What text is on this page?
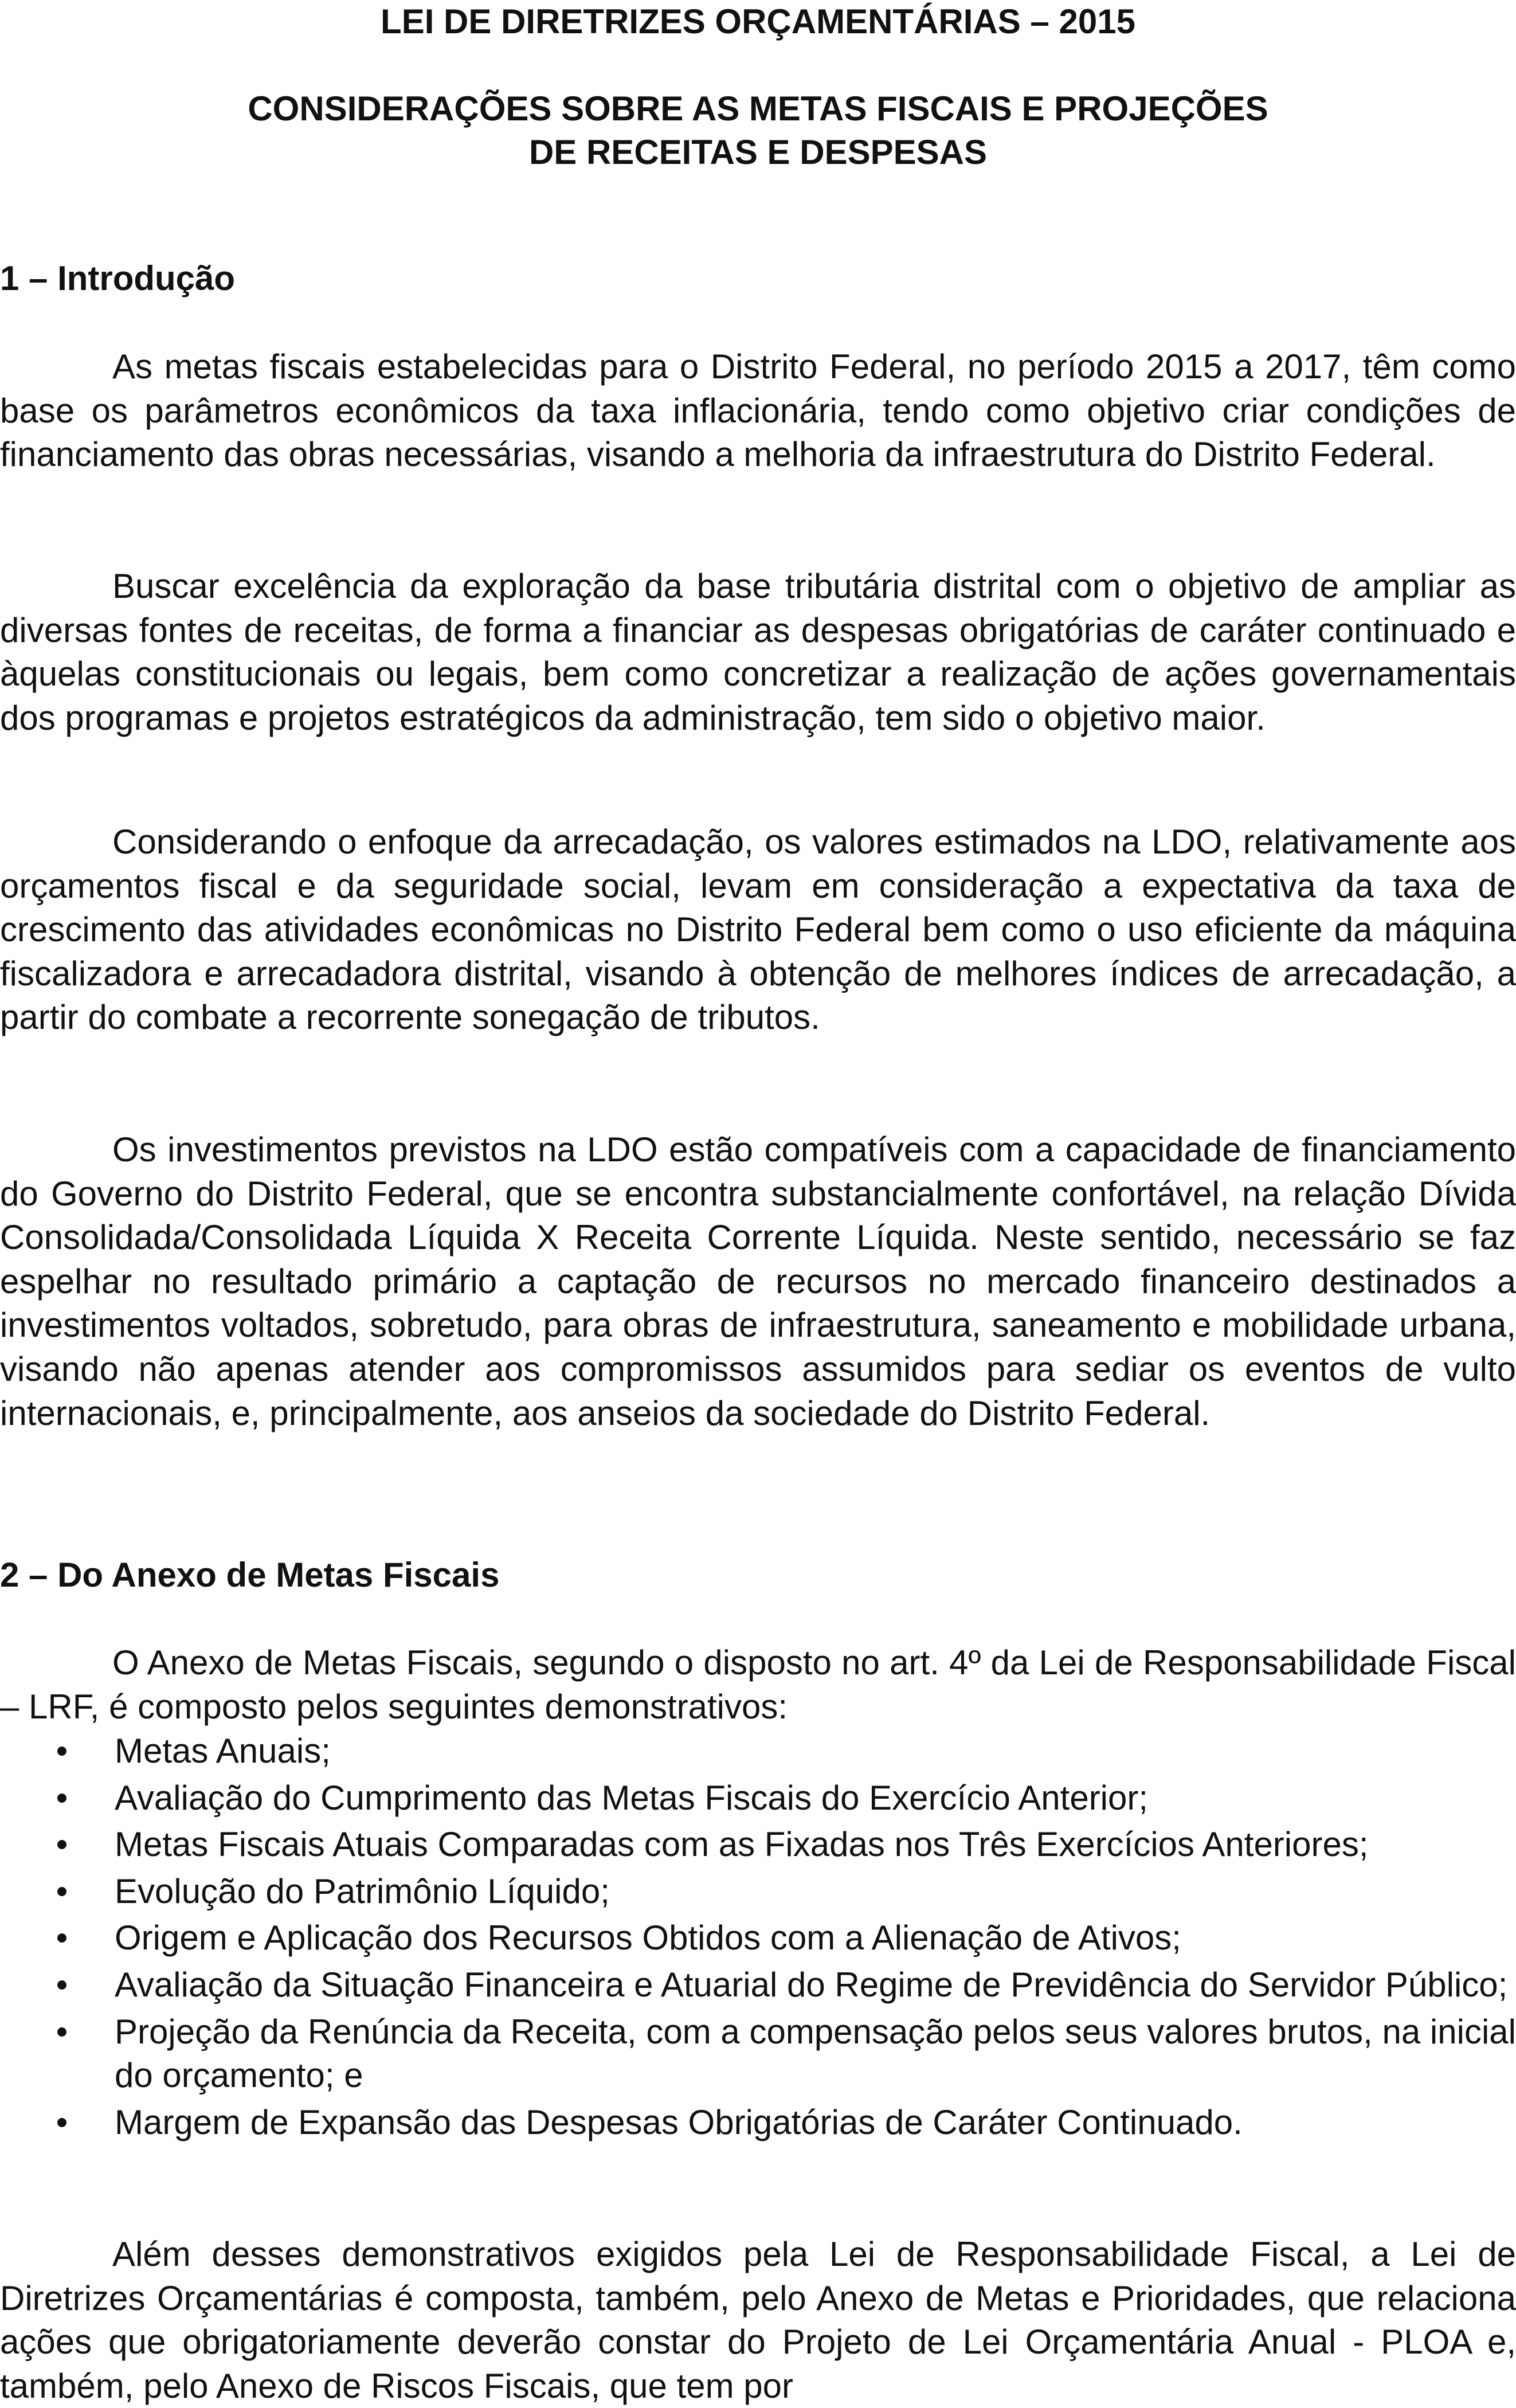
LEI DE DIRETRIZES ORÇAMENTÁRIAS – 2015
CONSIDERAÇÕES SOBRE AS METAS FISCAIS E PROJEÇÕES
DE RECEITAS E DESPESAS
1 – Introdução

As metas fiscais estabelecidas para o Distrito Federal, no período 2015 a 2017, têm como base os parâmetros econômicos da taxa inflacionária, tendo como objetivo criar condições de financiamento das obras necessárias, visando a melhoria da infraestrutura do Distrito Federal.

Buscar excelência da exploração da base tributária distrital com o objetivo de ampliar as diversas fontes de receitas, de forma a financiar as despesas obrigatórias de caráter continuado e àquelas constitucionais ou legais, bem como concretizar a realização de ações governamentais dos programas e projetos estratégicos da administração, tem sido o objetivo maior.

Considerando o enfoque da arrecadação, os valores estimados na LDO, relativamente aos orçamentos fiscal e da seguridade social, levam em consideração a expectativa da taxa de crescimento das atividades econômicas no Distrito Federal bem como o uso eficiente da máquina fiscalizadora e arrecadadora distrital, visando à obtenção de melhores índices de arrecadação, a partir do combate a recorrente sonegação de tributos.

Os investimentos previstos na LDO estão compatíveis com a capacidade de financiamento do Governo do Distrito Federal, que se encontra substancialmente confortável, na relação Dívida Consolidada/Consolidada Líquida X Receita Corrente Líquida. Neste sentido, necessário se faz espelhar no resultado primário a captação de recursos no mercado financeiro destinados a investimentos voltados, sobretudo, para obras de infraestrutura, saneamento e mobilidade urbana, visando não apenas atender aos compromissos assumidos para sediar os eventos de vulto internacionais, e, principalmente, aos anseios da sociedade do Distrito Federal.

2 – Do Anexo de Metas Fiscais

O Anexo de Metas Fiscais, segundo o disposto no art. 4º da Lei de Responsabilidade Fiscal – LRF, é composto pelos seguintes demonstrativos:

Metas Anuais;
Avaliação do Cumprimento das Metas Fiscais do Exercício Anterior;
Metas Fiscais Atuais Comparadas com as Fixadas nos Três Exercícios Anteriores;
Evolução do Patrimônio Líquido;
Origem e Aplicação dos Recursos Obtidos com a Alienação de Ativos;
Avaliação da Situação Financeira e Atuarial do Regime de Previdência do Servidor Público;
Projeção da Renúncia da Receita, com a compensação pelos seus valores brutos, na inicial do orçamento; e
Margem de Expansão das Despesas Obrigatórias de Caráter Continuado.

Além desses demonstrativos exigidos pela Lei de Responsabilidade Fiscal, a Lei de Diretrizes Orçamentárias é composta, também, pelo Anexo de Metas e Prioridades, que relaciona ações que obrigatoriamente deverão constar do Projeto de Lei Orçamentária Anual - PLOA e, também, pelo Anexo de Riscos Fiscais, que tem por
